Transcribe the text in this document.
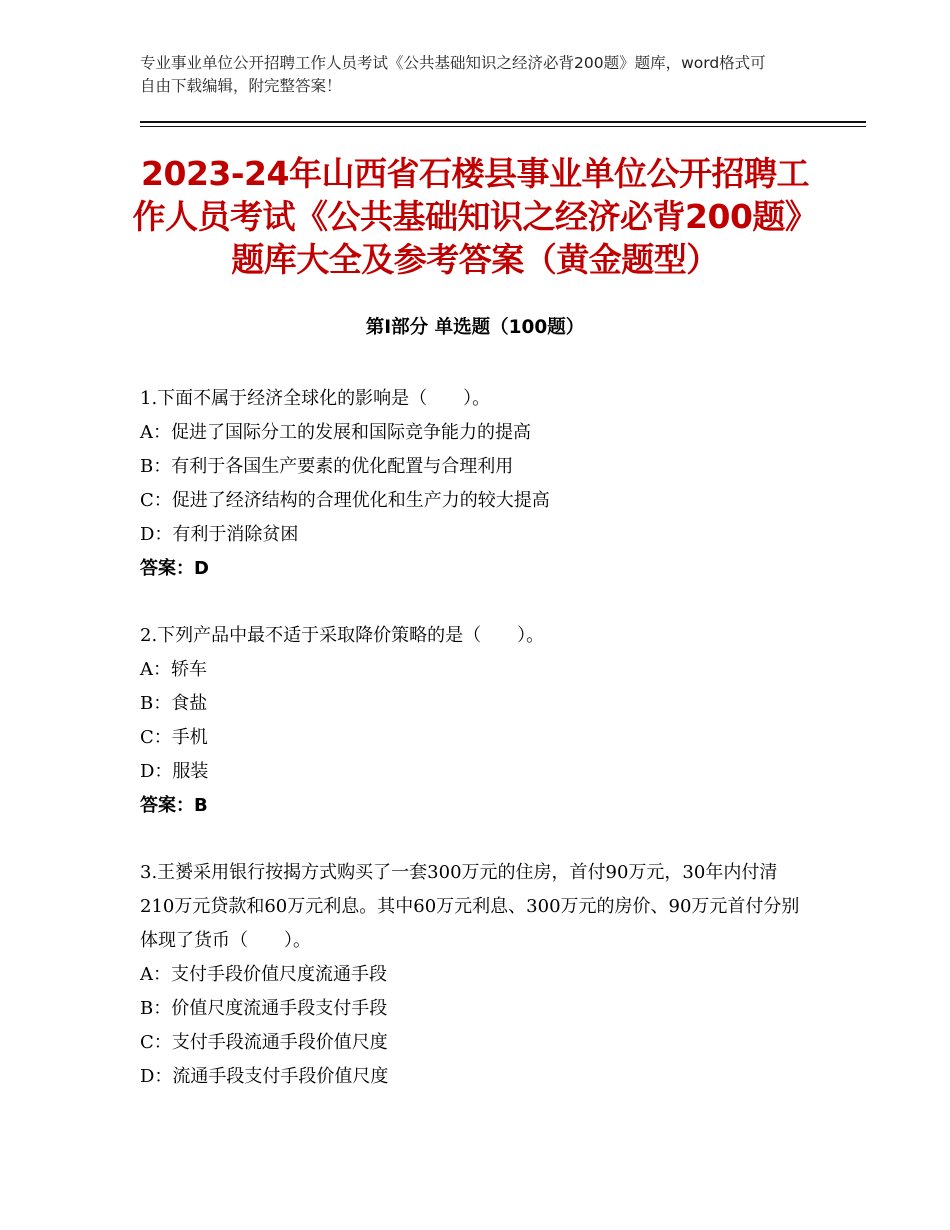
专业事业单位公开招聘工作人员考试《公共基础知识之经济必背200题》题库，word格式可自由下载编辑，附完整答案！
2023-24年山西省石楼县事业单位公开招聘工作人员考试《公共基础知识之经济必背200题》题库大全及参考答案（黄金题型）
第Ⅰ部分 单选题（100题）

1.下面不属于经济全球化的影响是（　　）。

A：促进了国际分工的发展和国际竞争能力的提高

B：有利于各国生产要素的优化配置与合理利用

C：促进了经济结构的合理优化和生产力的较大提高

D：有利于消除贫困

答案：D

2.下列产品中最不适于采取降价策略的是（　　）。

A：轿车

B：食盐

C：手机

D：服装

答案：B

3.王赟采用银行按揭方式购买了一套300万元的住房，首付90万元，30年内付清210万元贷款和60万元利息。其中60万元利息、300万元的房价、90万元首付分别体现了货币（　　）。

A：支付手段价值尺度流通手段

B：价值尺度流通手段支付手段

C：支付手段流通手段价值尺度

D：流通手段支付手段价值尺度
